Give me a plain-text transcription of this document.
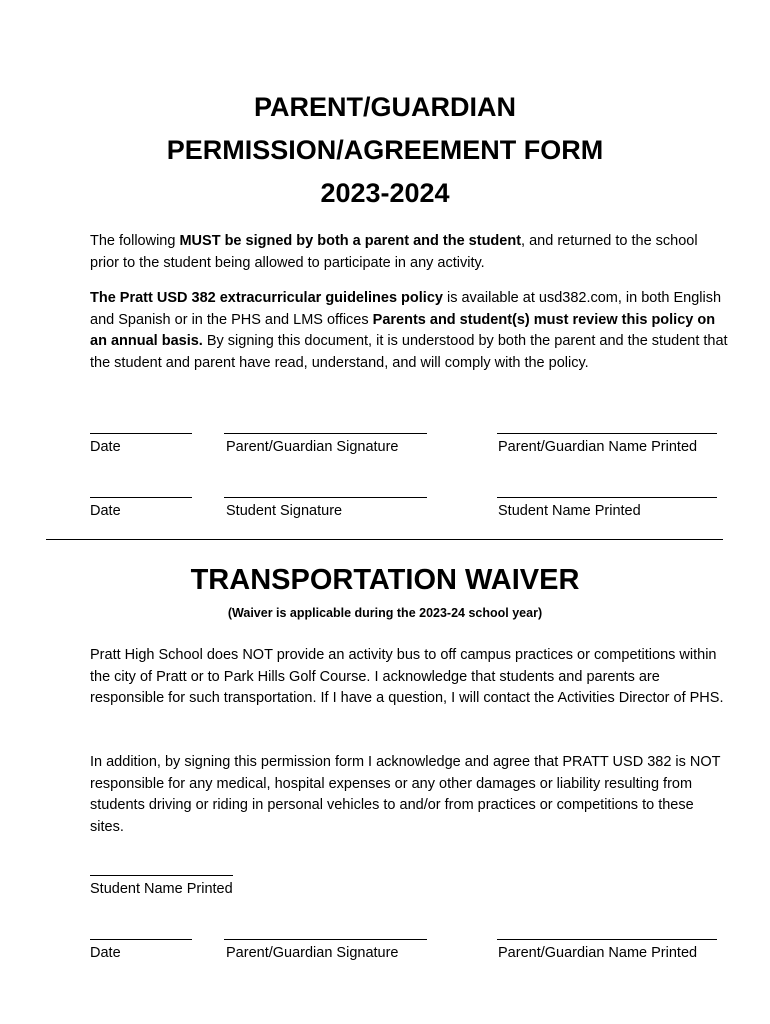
PARENT/GUARDIAN
PERMISSION/AGREEMENT FORM
2023-2024
The following MUST be signed by both a parent and the student, and returned to the school prior to the student being allowed to participate in any activity.
The Pratt USD 382 extracurricular guidelines policy is available at usd382.com, in both English and Spanish or in the PHS and LMS offices Parents and student(s) must review this policy on an annual basis. By signing this document, it is understood by both the parent and the student that the student and parent have read, understand, and will comply with the policy.
Date	Parent/Guardian Signature	Parent/Guardian Name Printed
Date	Student Signature	Student Name Printed
TRANSPORTATION WAIVER
(Waiver is applicable during the 2023-24 school year)
Pratt High School does NOT provide an activity bus to off campus practices or competitions within the city of Pratt or to Park Hills Golf Course. I acknowledge that students and parents are responsible for such transportation. If I have a question, I will contact the Activities Director of PHS.
In addition, by signing this permission form I acknowledge and agree that PRATT USD 382 is NOT responsible for any medical, hospital expenses or any other damages or liability resulting from students driving or riding in personal vehicles to and/or from practices or competitions to these sites.
Student Name Printed
Date	Parent/Guardian Signature	Parent/Guardian Name Printed
